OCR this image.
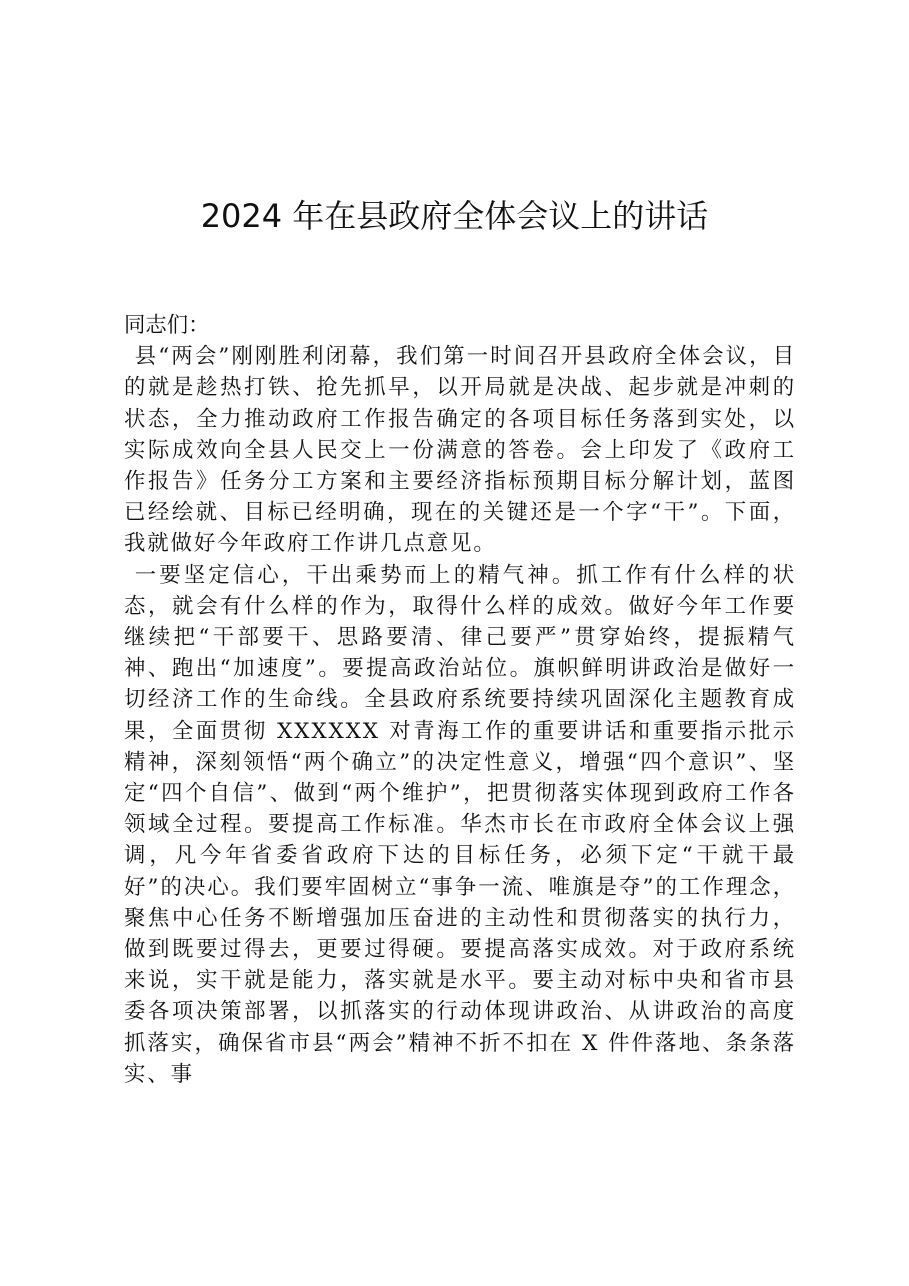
2024 年在县政府全体会议上的讲话

同志们：

县“两会”刚刚胜利闭幕，我们第一时间召开县政府全体会议，目的就是趁热打铁、抢先抓早，以开局就是决战、起步就是冲刺的状态，全力推动政府工作报告确定的各项目标任务落到实处，以实际成效向全县人民交上一份满意的答卷。会上印发了《政府工作报告》任务分工方案和主要经济指标预期目标分解计划，蓝图已经绘就、目标已经明确，现在的关键还是一个字“干”。下面，我就做好今年政府工作讲几点意见。

一要坚定信心，干出乘势而上的精气神。抓工作有什么样的状态，就会有什么样的作为，取得什么样的成效。做好今年工作要继续把“干部要干、思路要清、律己要严”贯穿始终，提振精气神、跑出“加速度”。要提高政治站位。旗帜鲜明讲政治是做好一切经济工作的生命线。全县政府系统要持续巩固深化主题教育成果，全面贯彻 XXXXXX 对青海工作的重要讲话和重要指示批示精神，深刻领悟“两个确立”的决定性意义，增强“四个意识”、坚定“四个自信”、做到“两个维护”，把贯彻落实体现到政府工作各领域全过程。要提高工作标准。华杰市长在市政府全体会议上强调，凡今年省委省政府下达的目标任务，必须下定“干就干最好”的决心。我们要牢固树立“事争一流、唯旗是夺”的工作理念，聚焦中心任务不断增强加压奋进的主动性和贯彻落实的执行力，做到既要过得去，更要过得硬。要提高落实成效。对于政府系统来说，实干就是能力，落实就是水平。要主动对标中央和省市县委各项决策部署，以抓落实的行动体现讲政治、从讲政治的高度抓落实，确保省市县“两会”精神不折不扣在 X 件件落地、条条落实、事
